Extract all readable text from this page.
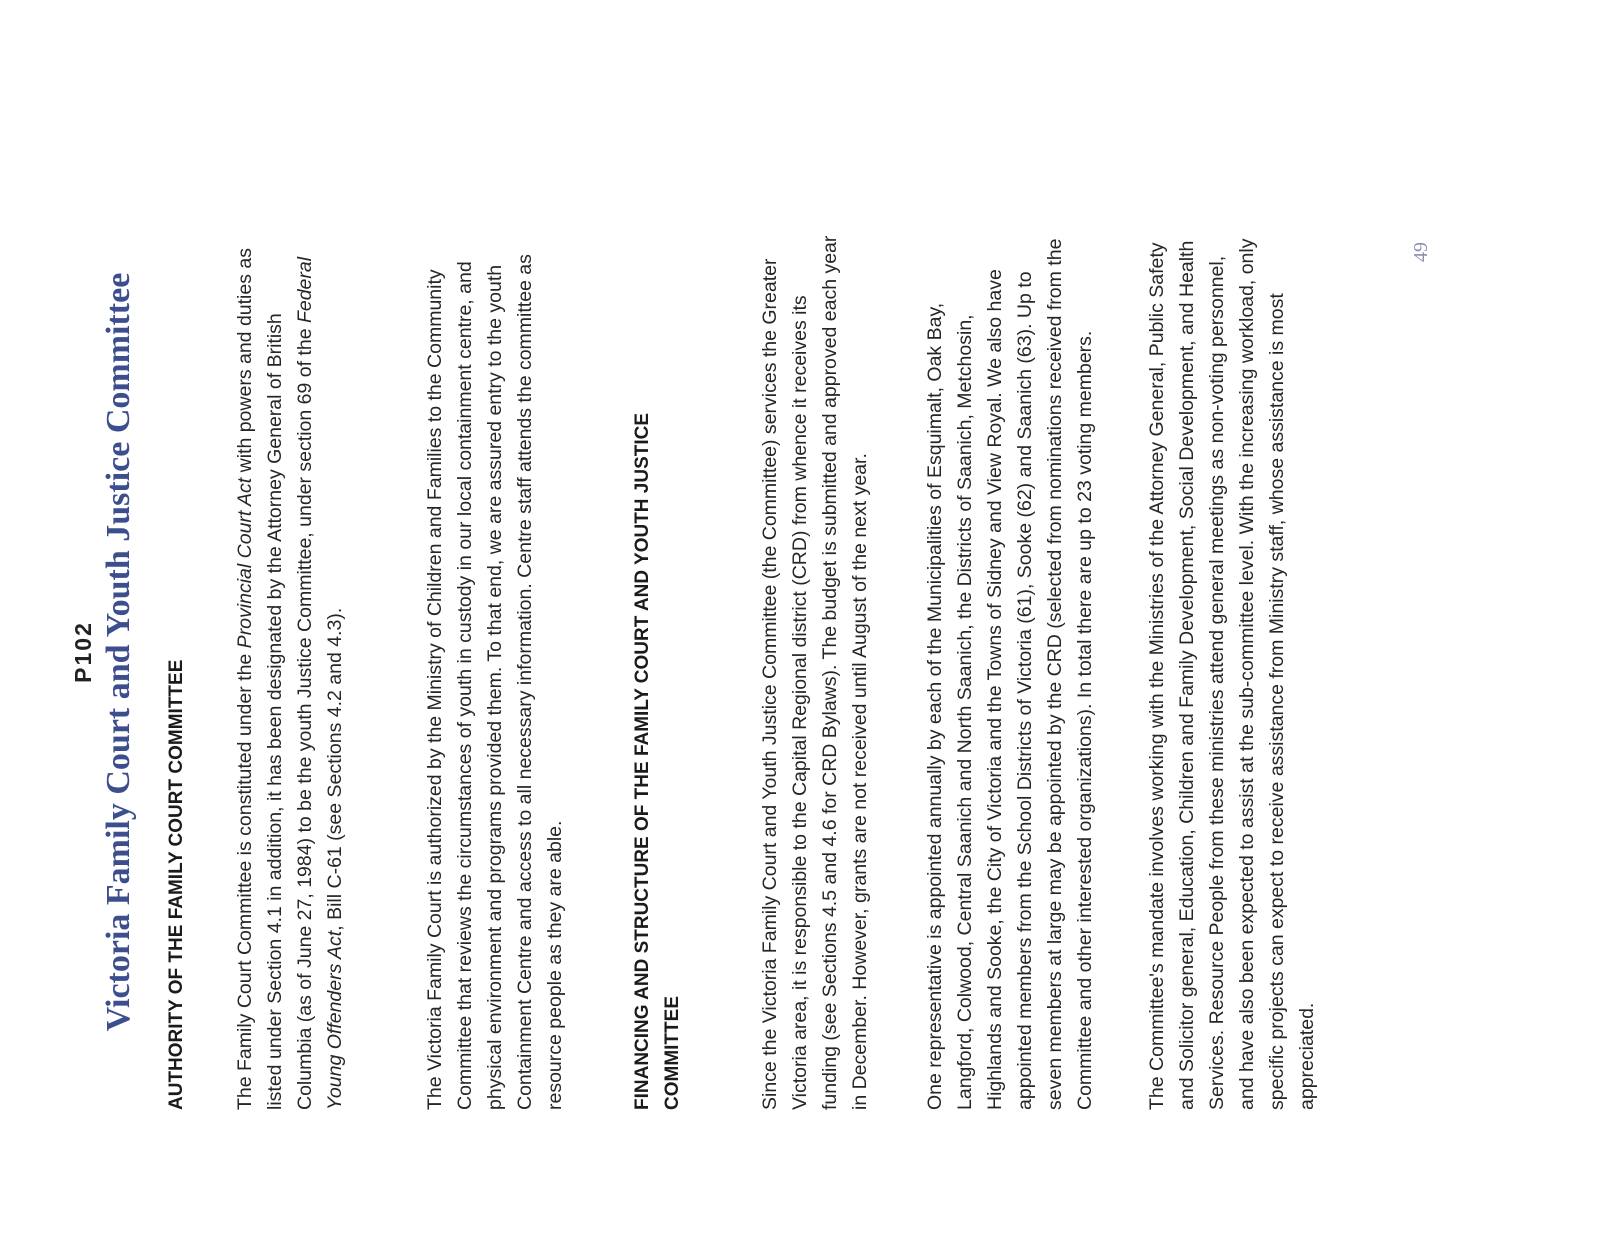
P102 Victoria Family Court and Youth Justice Committee AUTHORITY OF THE FAMILY COURT COMMITTEE The Family Court Committee is constituted under the Provincial Court Act with powers and duties as listed under Section 4.1 in addition, it has been designated by the Attorney General of British Columbia (as of June 27, 1984) to be the youth Justice Committee, under section 69 of the Federal Young Offenders Act, Bill C-61 (see Sections 4.2 and 4.3).	The Victoria Family Court is authorized by the Ministry of Children and Families to the Community Committee that reviews the circumstances of youth in custody in our local containment centre, and physical environment and programs provided them. To that end, we are assured entry to the youth Containment Centre and access to all necessary information. Centre staff attends the committee as resource people as they are able.	FINANCING AND STRUCTURE OF THE FAMILY COURT AND YOUTH JUSTICE COMMITTEE	Since the Victoria Family Court and Youth Justice Committee (the Committee) services the Greater Victoria area, it is responsible to the Capital Regional district (CRD) from whence it receives its funding (see Sections 4.5 and 4.6 for CRD Bylaws). The budget is submitted and approved each year in December. However, grants are not received until August of the next year.	One representative is appointed annually by each of the Municipalities of Esquimalt, Oak Bay, Langford, Colwood, Central Saanich and North Saanich, the Districts of Saanich, Metchosin, Highlands and Sooke, the City of Victoria and the Towns of Sidney and View Royal. We also have appointed members from the School Districts of Victoria (61), Sooke (62) and Saanich (63). Up to seven members at large may be appointed by the CRD (selected from nominations received from the Committee and other interested organizations). In total there are up to 23 voting members.	The Committee's mandate involves working with the Ministries of the Attorney General, Public Safety and Solicitor general, Education, Children and Family Development, Social Development, and Health Services. Resource People from these ministries attend general meetings as non-voting personnel, and have also been expected to assist at the sub-committee level. With the increasing workload, only specific projects can expect to receive assistance from Ministry staff, whose assistance is most appreciated.
49
